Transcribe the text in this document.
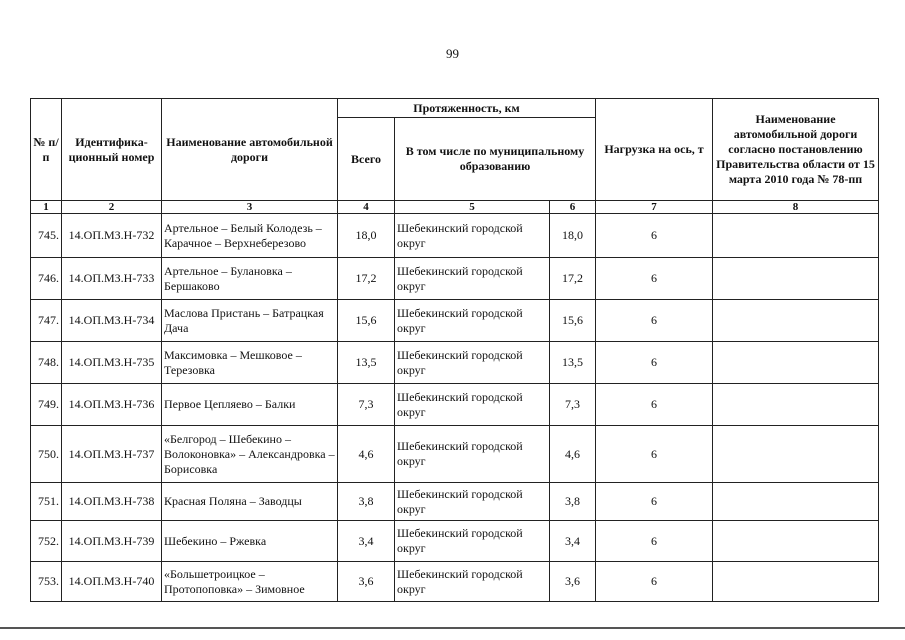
99
№ п/п	Идентифика-ционный номер	Наименование автомобильной дороги	Протяженность, км			Нагрузка на ось, т	Наименование автомобильной дороги согласно постановлению Правительства области от 15 марта 2010 года № 78-пп
			Всего	В том числе по муниципальному образованию			
1	2	3	4	5	6	7	8
745.	14.ОП.МЗ.Н-732	Артельное – Белый Колодезь – Карачное – Верхнеберезово	18,0	Шебекинский городской округ	18,0	6	
746.	14.ОП.МЗ.Н-733	Артельное – Булановка – Бершаково	17,2	Шебекинский городской округ	17,2	6	
747.	14.ОП.МЗ.Н-734	Маслова Пристань – Батрацкая Дача	15,6	Шебекинский городской округ	15,6	6	
748.	14.ОП.МЗ.Н-735	Максимовка – Мешковое – Терезовка	13,5	Шебекинский городской округ	13,5	6	
749.	14.ОП.МЗ.Н-736	Первое Цепляево – Балки	7,3	Шебекинский городской округ	7,3	6	
750.	14.ОП.МЗ.Н-737	«Белгород – Шебекино – Волоконовка» – Александровка – Борисовка	4,6	Шебекинский городской округ	4,6	6	
751.	14.ОП.МЗ.Н-738	Красная Поляна – Заводцы	3,8	Шебекинский городской округ	3,8	6	
752.	14.ОП.МЗ.Н-739	Шебекино – Ржевка	3,4	Шебекинский городской округ	3,4	6	
753.	14.ОП.МЗ.Н-740	«Большетроицкое – Протопоповка» – Зимовное	3,6	Шебекинский городской округ	3,6	6	
